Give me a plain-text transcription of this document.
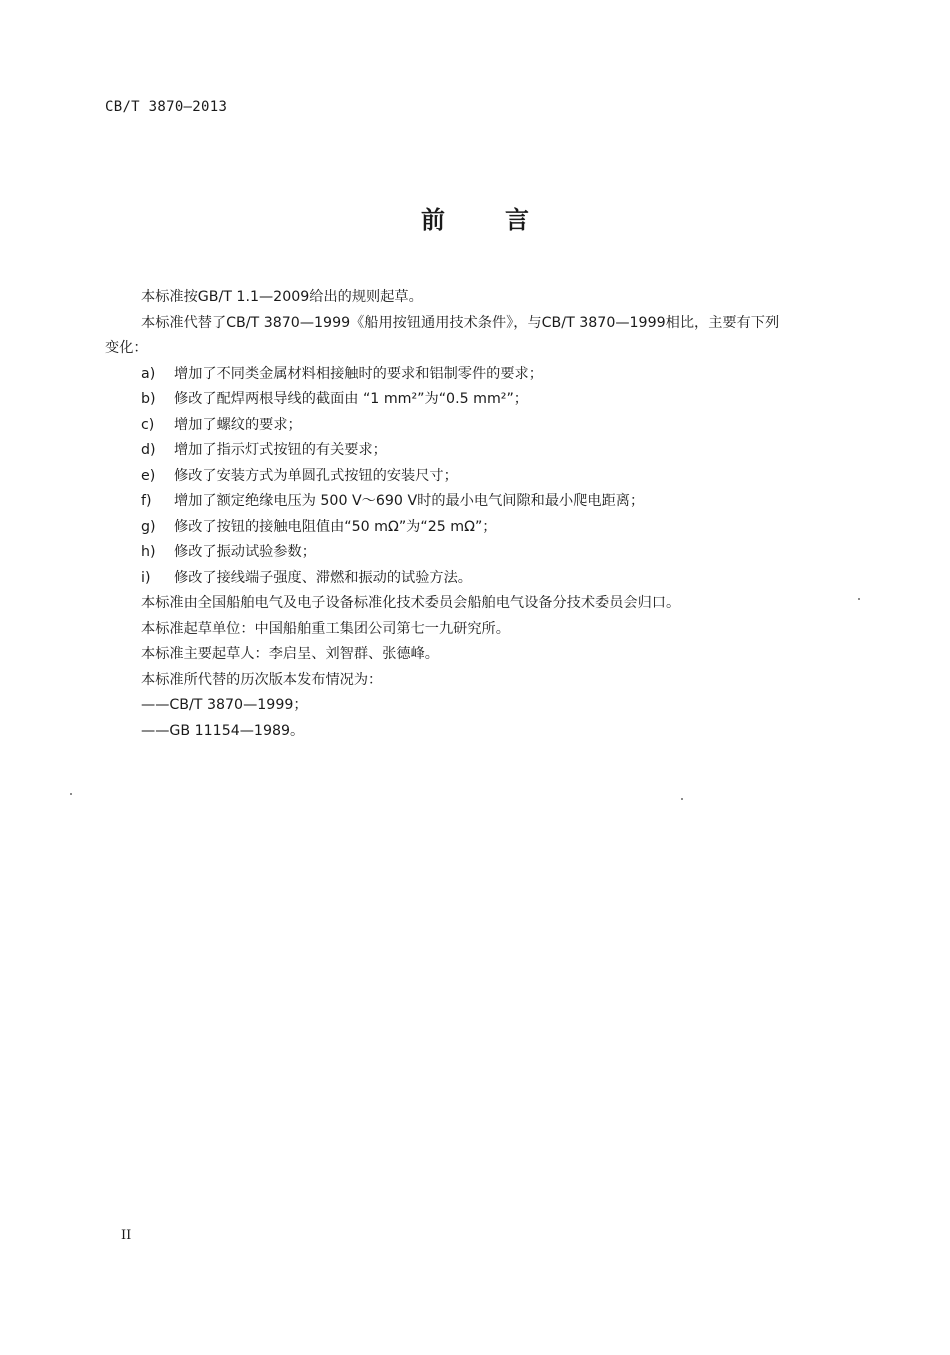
CB/T 3870—2013
前言
本标准按GB/T 1.1—2009给出的规则起草。
本标准代替了CB/T 3870—1999《船用按钮通用技术条件》，与CB/T 3870—1999相比，主要有下列
变化：
a) 增加了不同类金属材料相接触时的要求和铝制零件的要求；
b) 修改了配焊两根导线的截面由 “1 mm²”为“0.5 mm²”；
c) 增加了螺纹的要求；
d) 增加了指示灯式按钮的有关要求；
e) 修改了安装方式为单圆孔式按钮的安装尺寸；
f) 增加了额定绝缘电压为 500 V～690 V时的最小电气间隙和最小爬电距离；
g) 修改了按钮的接触电阻值由“50 mΩ”为“25 mΩ”；
h) 修改了振动试验参数；
i) 修改了接线端子强度、滞燃和振动的试验方法。
本标准由全国船舶电气及电子设备标准化技术委员会船舶电气设备分技术委员会归口。
本标准起草单位：中国船舶重工集团公司第七一九研究所。
本标准主要起草人：李启呈、刘智群、张德峰。
本标准所代替的历次版本发布情况为：
——CB/T 3870—1999；
——GB 11154—1989。
II
